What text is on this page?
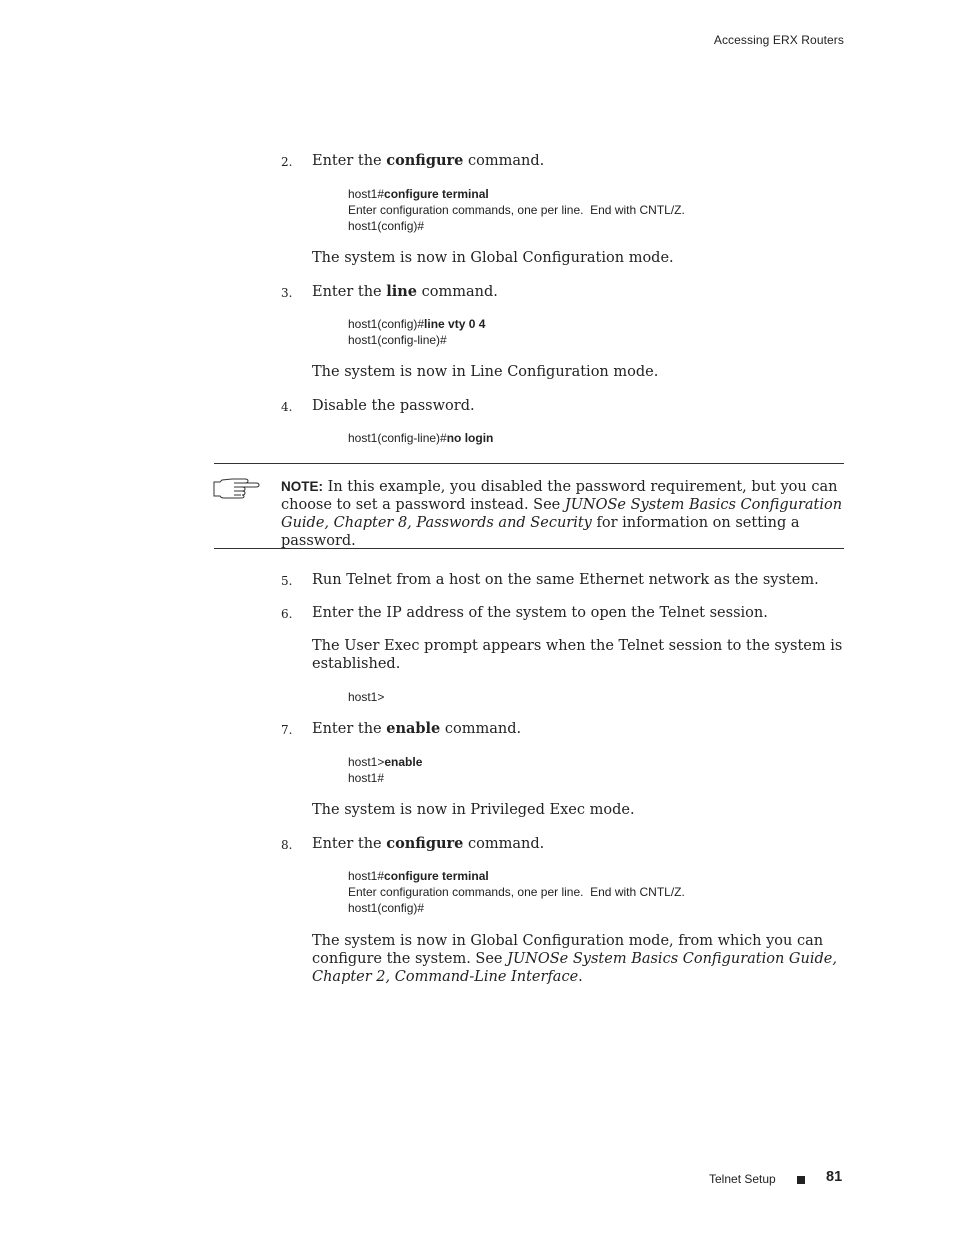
Accessing ERX Routers
2. Enter the configure command.
host1#configure terminal
Enter configuration commands, one per line.  End with CNTL/Z.
host1(config)#
The system is now in Global Configuration mode.
3. Enter the line command.
host1(config)#line vty 0 4
host1(config-line)#
The system is now in Line Configuration mode.
4. Disable the password.
host1(config-line)#no login
NOTE: In this example, you disabled the password requirement, but you can choose to set a password instead. See JUNOSe System Basics Configuration Guide, Chapter 8, Passwords and Security for information on setting a password.
5. Run Telnet from a host on the same Ethernet network as the system.
6. Enter the IP address of the system to open the Telnet session.
The User Exec prompt appears when the Telnet session to the system is established.
host1>
7. Enter the enable command.
host1>enable
host1#
The system is now in Privileged Exec mode.
8. Enter the configure command.
host1#configure terminal
Enter configuration commands, one per line.  End with CNTL/Z.
host1(config)#
The system is now in Global Configuration mode, from which you can configure the system. See JUNOSe System Basics Configuration Guide, Chapter 2, Command-Line Interface.
Telnet Setup	81
